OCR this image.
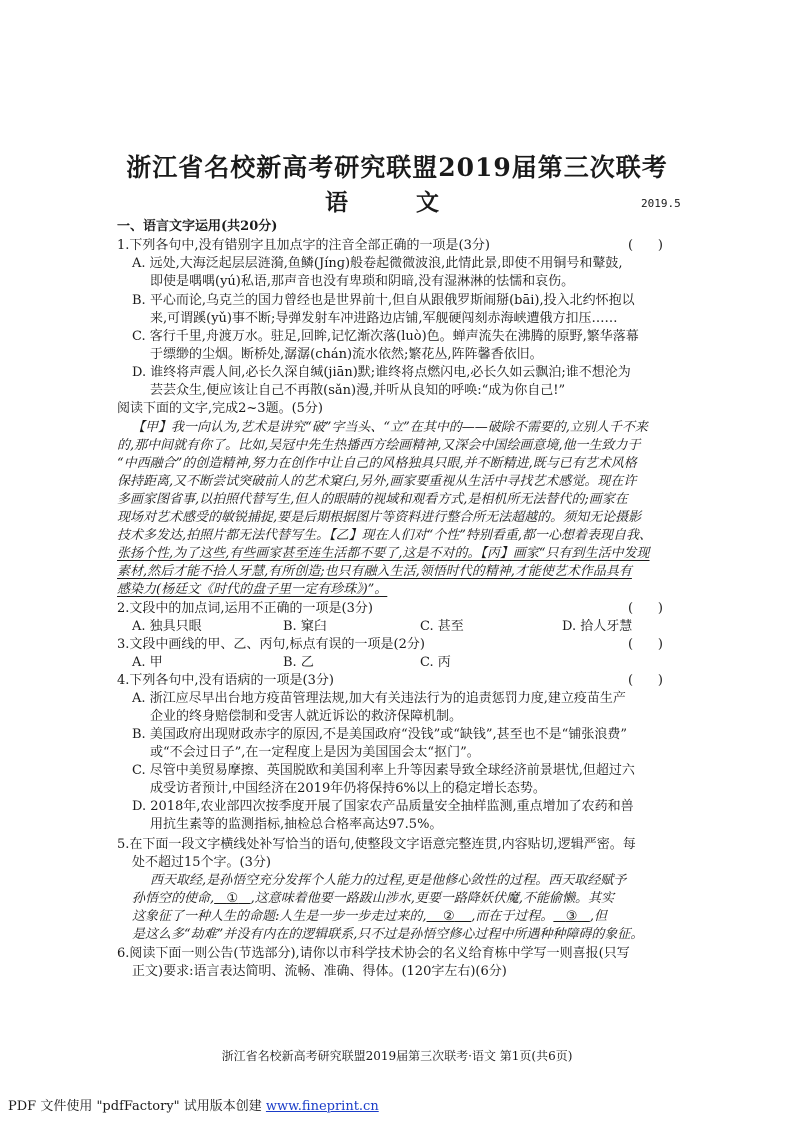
浙江省名校新高考研究联盟2019届第三次联考
语 文	2019.5
一、语言文字运用(共20分)
1.下列各句中,没有错别字且加点字的注音全部正确的一项是(3分)	(      )
A. 远处,大海泛起层层涟漪,鱼鳞(Jínɡ)般卷起微微波浪,此情此景,即使不用铜号和鼙鼓,
即使是喁喁(yú)私语,那声音也没有卑琐和阴暗,没有湿淋淋的怯懦和哀伤。
B. 平心而论,乌克兰的国力曾经也是世界前十,但自从跟俄罗斯闹掰(bāi),投入北约怀抱以
来,可谓蹊(yǔ)事不断;导弹发射车冲进路边店铺,军舰硬闯刻赤海峡遭俄方扣压……
C. 客行千里,舟渡万水。驻足,回眸,记忆渐次落(luò)色。蝉声流失在沸腾的原野,繁华落幕
于缥缈的尘烟。断桥处,潺潺(chán)流水依然;繁花丛,阵阵馨香依旧。
D. 谁终将声震人间,必长久深自缄(jiān)默;谁终将点燃闪电,必长久如云飘泊;谁不想沦为
芸芸众生,便应该让自己不再散(sǎn)漫,并听从良知的呼唤:“成为你自己!”
阅读下面的文字,完成2~3题。(5分)
【甲】我一向认为,艺术是讲究“破”字当头、“立”在其中的——破除不需要的,立别人千不来
的,那中间就有你了。比如,吴冠中先生热播西方绘画精神,又深会中国绘画意境,他一生致力于
“中西融合”的创造精神,努力在创作中让自己的风格独具只眼,并不断精进,既与已有艺术风格
保持距离,又不断尝试突破前人的艺术窠臼,另外,画家要重视从生活中寻找艺术感觉。现在许
多画家图省事,以拍照代替写生,但人的眼睛的视域和观看方式,是相机所无法替代的;画家在
现场对艺术感受的敏锐捕捉,要是后期根据图片等资料进行整合所无法超越的。须知无论摄影
技术多发达,拍照片都无法代替写生。【乙】现在人们对“个性”特别看重,都一心想着表现自我、
张扬个性,为了这些,有些画家甚至连生活都不要了,这是不对的。【丙】画家“只有到生活中发现
素材,然后才能不拾人牙慧,有所创造;也只有融入生活,领悟时代的精神,才能使艺术作品具有
感染力(杨廷文《时代的盘子里一定有珍珠》)”。
2.文段中的加点词,运用不正确的一项是(3分)	(      )
A. 独具只眼	B. 窠臼	C. 甚至	D. 拾人牙慧
3.文段中画线的甲、乙、丙句,标点有误的一项是(2分)	(      )
A. 甲	B. 乙	C. 丙
4.下列各句中,没有语病的一项是(3分)	(      )
A. 浙江应尽早出台地方疫苗管理法规,加大有关违法行为的追责惩罚力度,建立疫苗生产
企业的终身赔偿制和受害人就近诉讼的救济保障机制。
B. 美国政府出现财政赤字的原因,不是美国政府“没钱”或“缺钱”,甚至也不是“铺张浪费”
或“不会过日子”,在一定程度上是因为美国国会太“抠门”。
C. 尽管中美贸易摩擦、英国脱欧和美国利率上升等因素导致全球经济前景堪忧,但超过六
成受访者预计,中国经济在2019年仍将保持6%以上的稳定增长态势。
D. 2018年,农业部四次按季度开展了国家农产品质量安全抽样监测,重点增加了农药和兽
用抗生素等的监测指标,抽检总合格率高达97.5%。
5.在下面一段文字横线处补写恰当的语句,使整段文字语意完整连贯,内容贴切,逻辑严密。每
处不超过15个字。(3分)
西天取经,是孙悟空充分发挥个人能力的过程,更是他修心敛性的过程。西天取经赋予
孙悟空的使命, ① ,这意味着他要一路跋山涉水,更要一路降妖伏魔,不能偷懒。其实
这象征了一种人生的命题:人生是一步一步走过来的, ② ,而在于过程。 ③ ,但
是这么多“劫难”并没有内在的逻辑联系,只不过是孙悟空修心过程中所遇种种障碍的象征。
6.阅读下面一则公告(节选部分),请你以市科学技术协会的名义给育栋中学写一则喜报(只写
正文)要求:语言表达简明、流畅、准确、得体。(120字左右)(6分)
浙江省名校新高考研究联盟2019届第三次联考·语文 第1页(共6页)
PDF 文件使用 "pdfFactory" 试用版本创建 www.fineprint.cn
